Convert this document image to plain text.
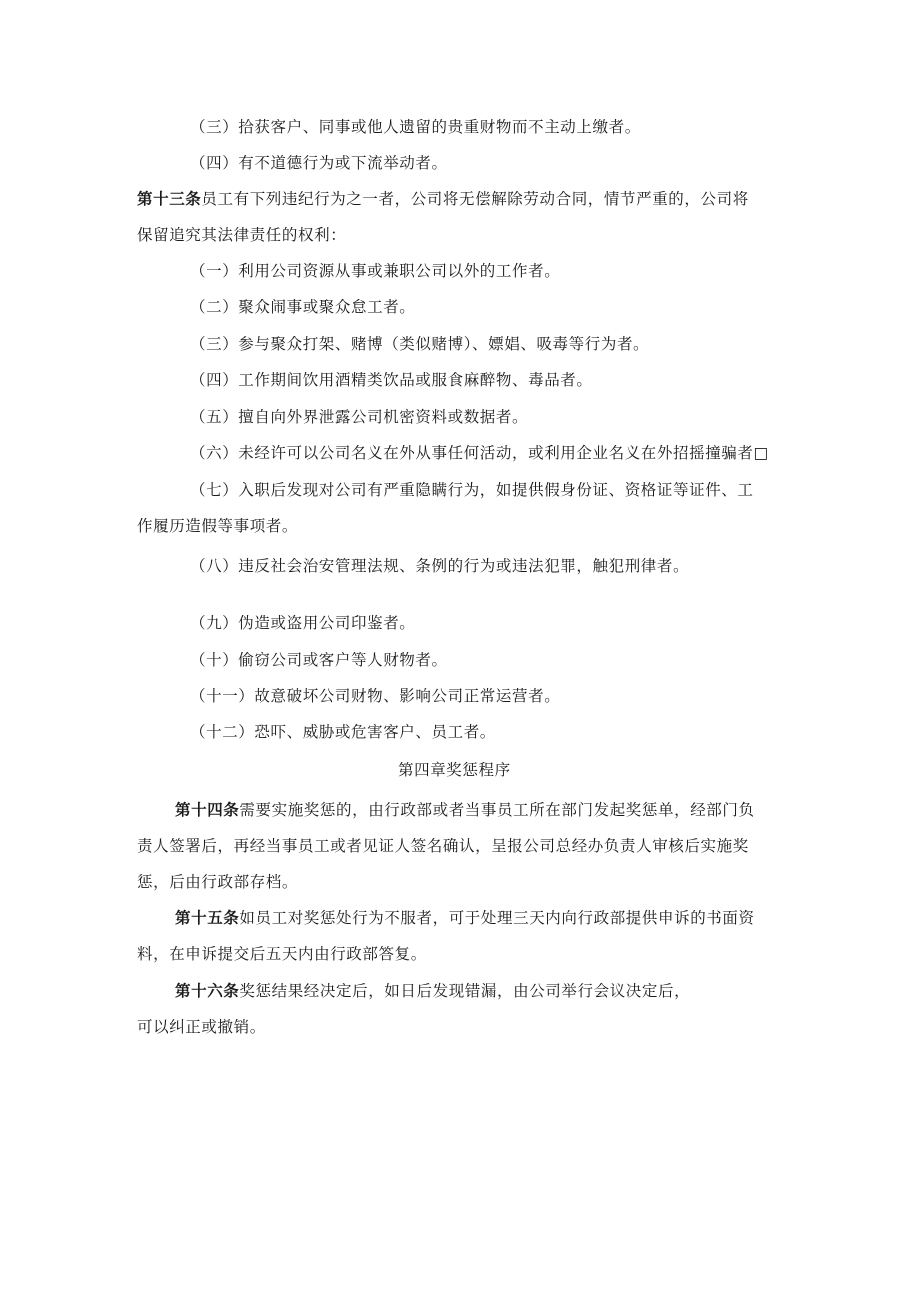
（三）拾获客户、同事或他人遗留的贵重财物而不主动上缴者。
（四）有不道德行为或下流举动者。
第十三条员工有下列违纪行为之一者，公司将无偿解除劳动合同，情节严重的，公司将
保留追究其法律责任的权利：
（一）利用公司资源从事或兼职公司以外的工作者。
（二）聚众闹事或聚众怠工者。
（三）参与聚众打架、赌博（类似赌博）、嫖娼、吸毒等行为者。
（四）工作期间饮用酒精类饮品或服食麻醉物、毒品者。
（五）擅自向外界泄露公司机密资料或数据者。
（六）未经许可以公司名义在外从事任何活动，或利用企业名义在外招摇撞骗者□
（七）入职后发现对公司有严重隐瞒行为，如提供假身份证、资格证等证件、工
作履历造假等事项者。
（八）违反社会治安管理法规、条例的行为或违法犯罪，触犯刑律者。
（九）伪造或盗用公司印鉴者。
（十）偷窃公司或客户等人财物者。
（十一）故意破坏公司财物、影响公司正常运营者。
（十二）恐吓、威胁或危害客户、员工者。
第四章奖惩程序
第十四条需要实施奖惩的，由行政部或者当事员工所在部门发起奖惩单，经部门负
责人签署后，再经当事员工或者见证人签名确认，呈报公司总经办负责人审核后实施奖
惩，后由行政部存档。
第十五条如员工对奖惩处行为不服者，可于处理三天内向行政部提供申诉的书面资
料，在申诉提交后五天内由行政部答复。
第十六条奖惩结果经决定后，如日后发现错漏，由公司举行会议决定后，
可以纠正或撤销。
